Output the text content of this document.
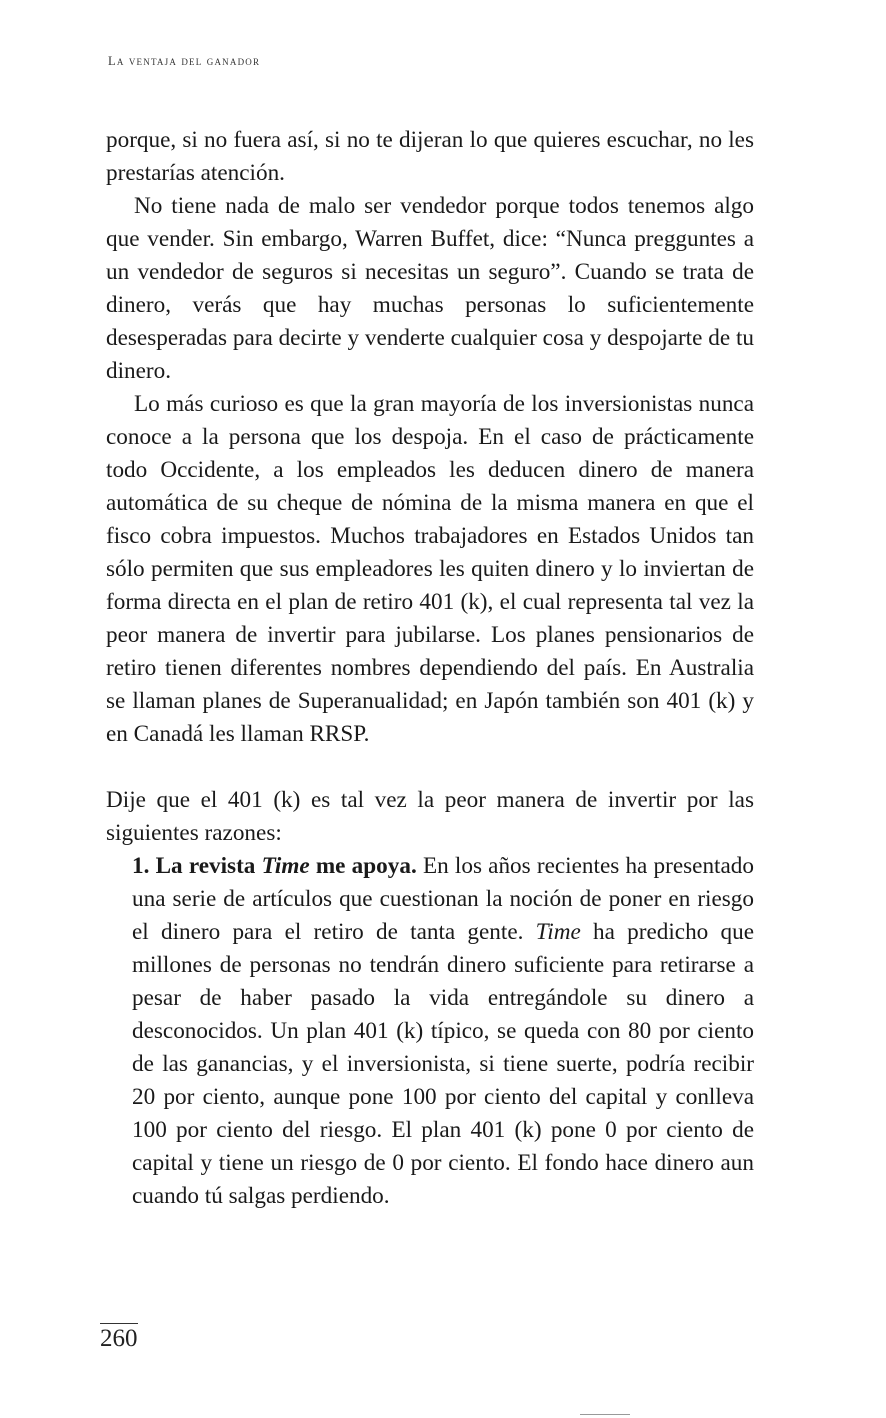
La ventaja del ganador

porque, si no fuera así, si no te dijeran lo que quieres escuchar, no les prestarías atención.

No tiene nada de malo ser vendedor porque todos tenemos algo que vender. Sin embargo, Warren Buffet, dice: “Nunca pregguntes a un vendedor de seguros si necesitas un seguro”. Cuando se trata de dinero, verás que hay muchas personas lo suficientemente desesperadas para decirte y venderte cualquier cosa y despojarte de tu dinero.

Lo más curioso es que la gran mayoría de los inversionistas nunca conoce a la persona que los despoja. En el caso de prácticamente todo Occidente, a los empleados les deducen dinero de manera automática de su cheque de nómina de la misma manera en que el fisco cobra impuestos. Muchos trabajadores en Estados Unidos tan sólo permiten que sus empleadores les quiten dinero y lo inviertan de forma directa en el plan de retiro 401 (k), el cual representa tal vez la peor manera de invertir para jubilarse. Los planes pensionarios de retiro tienen diferentes nombres dependiendo del país. En Australia se llaman planes de Superanualidad; en Japón también son 401 (k) y en Canadá les llaman RRSP.

Dije que el 401 (k) es tal vez la peor manera de invertir por las siguientes razones:

1. La revista Time me apoya. En los años recientes ha presentado una serie de artículos que cuestionan la noción de poner en riesgo el dinero para el retiro de tanta gente. Time ha predicho que millones de personas no tendrán dinero suficiente para retirarse a pesar de haber pasado la vida entregándole su dinero a desconocidos. Un plan 401 (k) típico, se queda con 80 por ciento de las ganancias, y el inversionista, si tiene suerte, podría recibir 20 por ciento, aunque pone 100 por ciento del capital y conlleva 100 por ciento del riesgo. El plan 401 (k) pone 0 por ciento de capital y tiene un riesgo de 0 por ciento. El fondo hace dinero aun cuando tú salgas perdiendo.

260
